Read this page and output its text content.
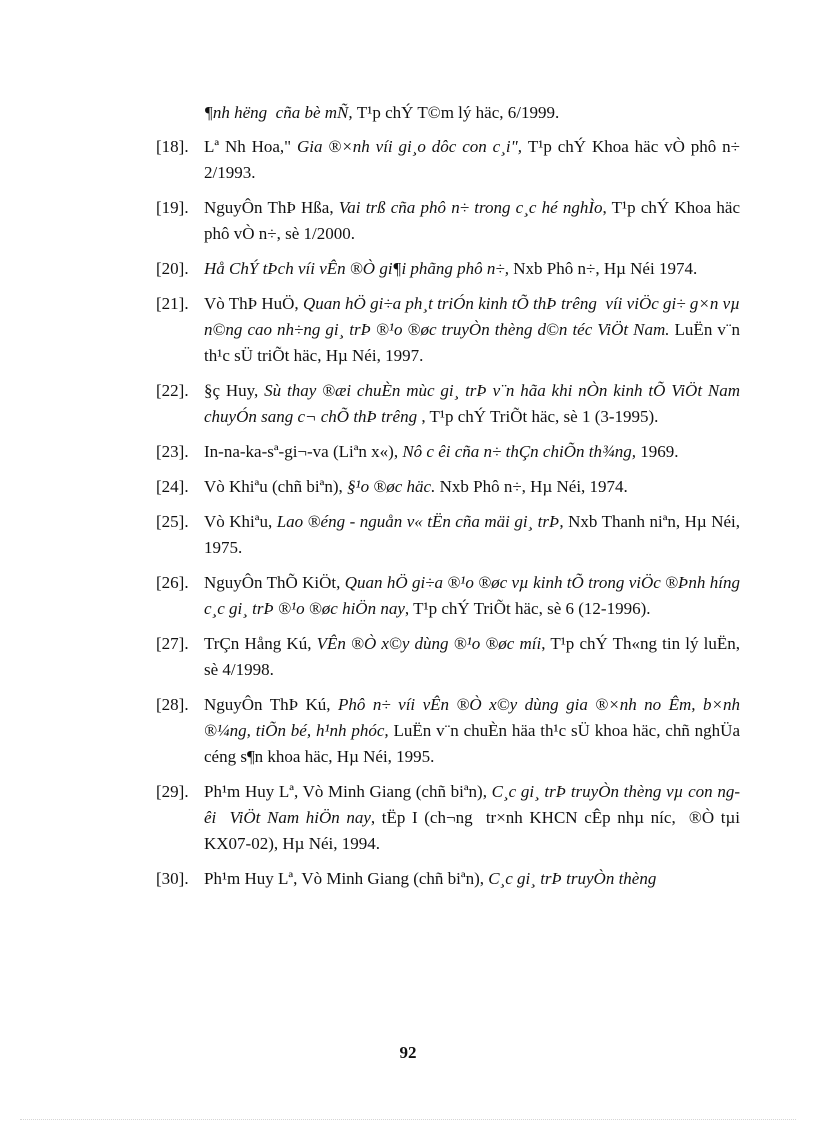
¶nh hëng  cña bè mÑ, T¹p chÝ T©m lý häc, 6/1999.
[18]. Lª Nh Hoa," Gia ®×nh víi gi¸o dôc con c¸i", T¹p chÝ Khoa häc vÒ phô n÷ 2/1993.
[19]. NguyÔn ThÞ Hßa, Vai trß cña phô n÷ trong c¸c hé nghÌo, T¹p chÝ Khoa häc phô vÒ n÷, sè 1/2000.
[20]. Hå ChÝ tÞch víi vÊn ®Ò gi¶i phãng phô n÷, Nxb Phô n÷, Hµ Néi 1974.
[21]. Vò ThÞ HuÖ, Quan hÖ gi÷a ph¸t triÓn kinh tÕ thÞ trêng  víi viÖc gi÷ g×n vµ n©ng cao nh÷ng gi¸ trÞ ®¹o ®øc truyÒn thèng d©n téc ViÖt Nam. LuËn v¨n th¹c sÜ triÕt häc, Hµ Néi, 1997.
[22]. §ç Huy, Sù thay ®æi chuÈn mùc gi¸ trÞ v¨n hãa khi nÒn kinh tÕ ViÖt Nam chuyÓn sang c¬ chÕ thÞ trêng , T¹p chÝ TriÕt häc, sè 1 (3-1995).
[23]. In-na-ka-sª-gi¬-va (Liªn x«), Nô c êi cña n÷ thÇn chiÕn th¾ng, 1969.
[24]. Vò Khiªu (chñ biªn), §¹o ®øc häc. Nxb Phô n÷, Hµ Néi, 1974.
[25]. Vò Khiªu, Lao ®éng - nguån v« tËn cña mäi gi¸ trÞ, Nxb Thanh niªn, Hµ Néi, 1975.
[26]. NguyÔn ThÕ KiÖt, Quan hÖ gi÷a ®¹o ®øc vµ kinh tÕ trong viÖc ®Þnh híng  c¸c gi¸ trÞ ®¹o ®øc hiÖn nay, T¹p chÝ TriÕt häc, sè 6 (12-1996).
[27]. TrÇn Hång Kú, VÊn ®Ò x©y dùng ®¹o ®øc míi, T¹p chÝ Th«ng tin lý luËn, sè 4/1998.
[28]. NguyÔn ThÞ Kú, Phô n÷ víi vÊn ®Ò x©y dùng gia ®×nh no Êm, b×nh ®¼ng, tiÕn bé, h¹nh phóc, LuËn v¨n chuÈn häa th¹c sÜ khoa häc, chñ nghÜa céng s¶n khoa häc, Hµ Néi, 1995.
[29]. Ph¹m Huy Lª, Vò Minh Giang (chñ biªn), C¸c gi¸ trÞ truyÒn thèng vµ con ngêi  ViÖt Nam hiÖn nay, tËp I (ch¬ng  tr×nh KHCN cÊp nhµ níc,  ®Ò tµi KX07-02), Hµ Néi, 1994.
[30]. Ph¹m Huy Lª, Vò Minh Giang (chñ biªn), C¸c gi¸ trÞ truyÒn thèng
92
